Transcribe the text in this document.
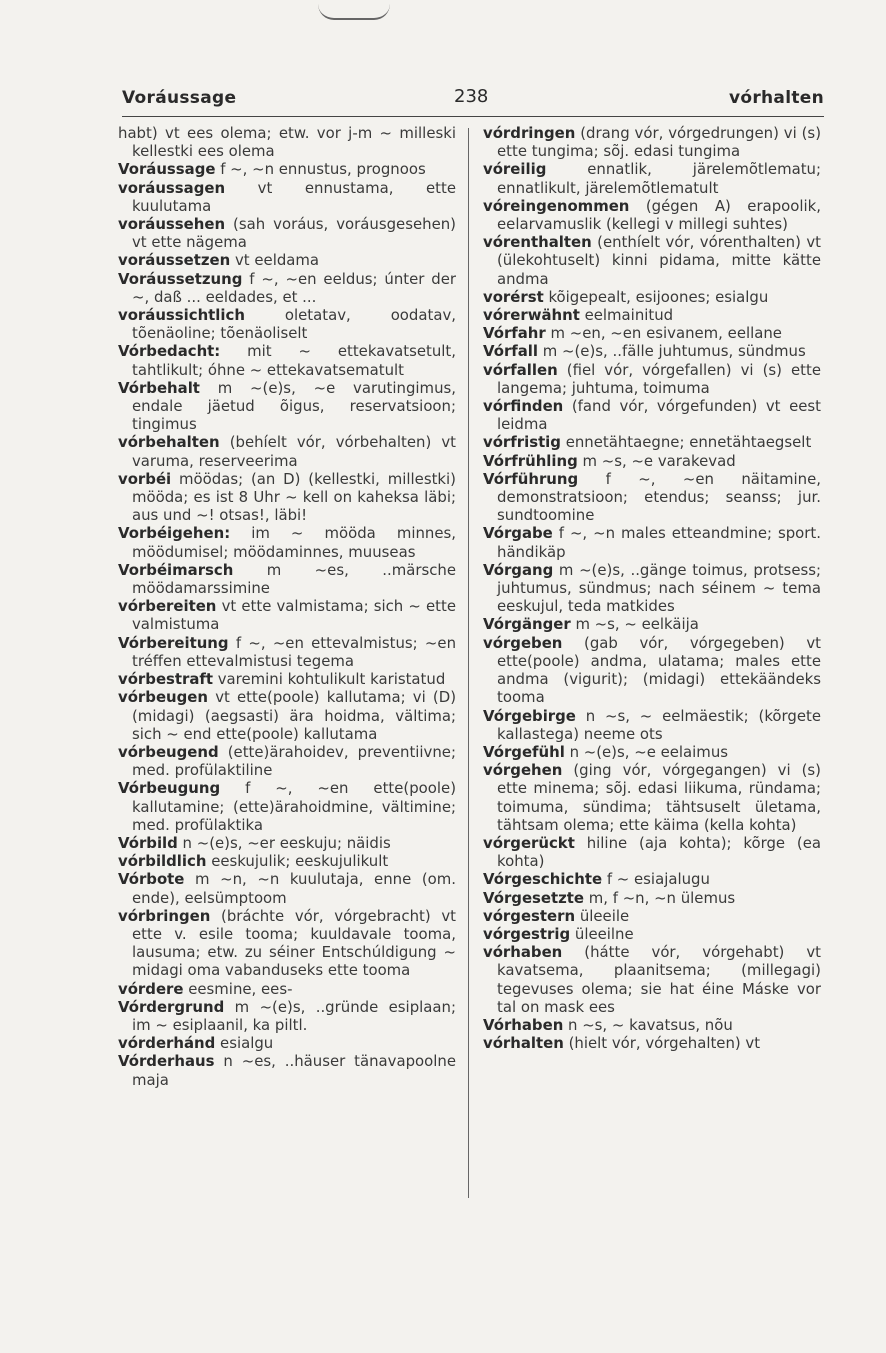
Voráussage	238	vórhalten
habt) vt ees olema; etw. vor j-m ~ milleski kellestki ees olema
Voráussage f ~, ~n ennustus, prognoos
voráussagen vt ennustama, ette kuulutama
voráussehen (sah voráus, voráusgesehen) vt ette nägema
voráussetzen vt eeldama
Voráussetzung f ~, ~en eeldus; únter der ~, daß ... eeldades, et ...
voráussichtlich	oletatav, oodatav, tõenäoline; tõenäoliselt
Vórbedacht: mit ~ ettekavatsetult, tahtlikult; óhne ~ ettekavatsematult
Vórbehalt m ~(e)s, ~e varutingimus, endale jäetud õigus, reservatsioon; tingimus
vórbehalten (behíelt vór, vórbehalten) vt varuma, reserveerima
vorbéi möödas; (an D) (kellestki, millestki) mööda; es ist 8 Uhr ~ kell on kaheksa läbi; aus und ~! otsas!, läbi!
Vorbéigehen: im ~ mööda minnes, möödumisel; möödaminnes, muuseas
Vorbéimarsch m ~es, ..märsche möödamarssimine
vórbereiten vt ette valmistama; sich ~ ette valmistuma
Vórbereitung f ~, ~en ettevalmistus; ~en tréffen ettevalmistusi tegema
vórbestraft varemini kohtulikult karistatud
vórbeugen vt ette(poole) kallutama; vi (D) (midagi) (aegsasti) ära hoidma, vältima; sich ~ end ette(poole) kallutama
vórbeugend (ette)ärahoidev, preventiivne; med. profülaktiline
Vórbeugung f ~, ~en ette(poole) kallutamine; (ette)ärahoidmine, vältimine; med. profülaktika
Vórbild n ~(e)s, ~er eeskuju; näidis
vórbildlich eeskujulik; eeskujulikult
Vórbote m ~n, ~n kuulutaja, enne (om. ende), eelsümptoom
vórbringen (bráchte vór, vórgebracht) vt ette v. esile tooma; kuuldavale tooma, lausuma; etw. zu séiner Entschúldigung ~ midagi oma vabanduseks ette tooma
vórdere eesmine, ees-
Vórdergrund m ~(e)s, ..gründe esiplaan; im ~ esiplaanil, ka piltl.
vórderhánd esialgu
Vórderhaus n ~es, ..häuser tänavapoolne maja
vórdringen (drang vór, vórgedrungen) vi (s) ette tungima; sõj. edasi tungima
vóreilig	ennatlik, järelemõtlematu; ennatlikult, järelemõtlematult
vóreingenommen (gégen A) erapoolik, eelarvamuslik (kellegi v millegi suhtes)
vórenthalten (enthíelt vór, vórenthalten) vt (ülekohtuselt) kinni pidama, mitte kätte andma
vorérst kõigepealt, esijoones; esialgu
vórerwähnt eelmainitud
Vórfahr m ~en, ~en esivanem, eellane
Vórfall m ~(e)s, ..fälle juhtumus, sündmus
vórfallen (fiel vór, vórgefallen) vi (s) ette langema; juhtuma, toimuma
vórfinden (fand vór, vórgefunden) vt eest leidma
vórfristig ennetähtaegne; ennetähtaegselt
Vórfrühling m ~s, ~e varakevad
Vórführung f ~, ~en näitamine, demonstratsioon; etendus; seanss; jur. sundtoomine
Vórgabe f ~, ~n males etteandmine; sport. händikäp
Vórgang m ~(e)s, ..gänge toimus, protsess; juhtumus, sündmus; nach séinem ~ tema eeskujul, teda matkides
Vórgänger m ~s, ~ eelkäija
vórgeben (gab vór, vórgegeben) vt ette(poole) andma, ulatama; males ette andma (vigurit); (midagi) ettekäändeks tooma
Vórgebirge n ~s, ~ eelmäestik; (kõrgete kallastega) neeme ots
Vórgefühl n ~(e)s, ~e eelaimus
vórgehen (ging vór, vórgegangen) vi (s) ette minema; sõj. edasi liikuma, ründama; toimuma, sündima; tähtsuselt ületama, tähtsam olema; ette käima (kella kohta)
vórgerückt hiline (aja kohta); kõrge (ea kohta)
Vórgeschichte f ~ esiajalugu
Vórgesetzte m, f ~n, ~n ülemus
vórgestern üleeile
vórgestrig üleeilne
vórhaben (hátte vór, vórgehabt) vt kavatsema, plaanitsema; (millegagi) tegevuses olema; sie hat éine Máske vor tal on mask ees
Vórhaben n ~s, ~ kavatsus, nõu
vórhalten (hielt vór, vórgehalten) vt
